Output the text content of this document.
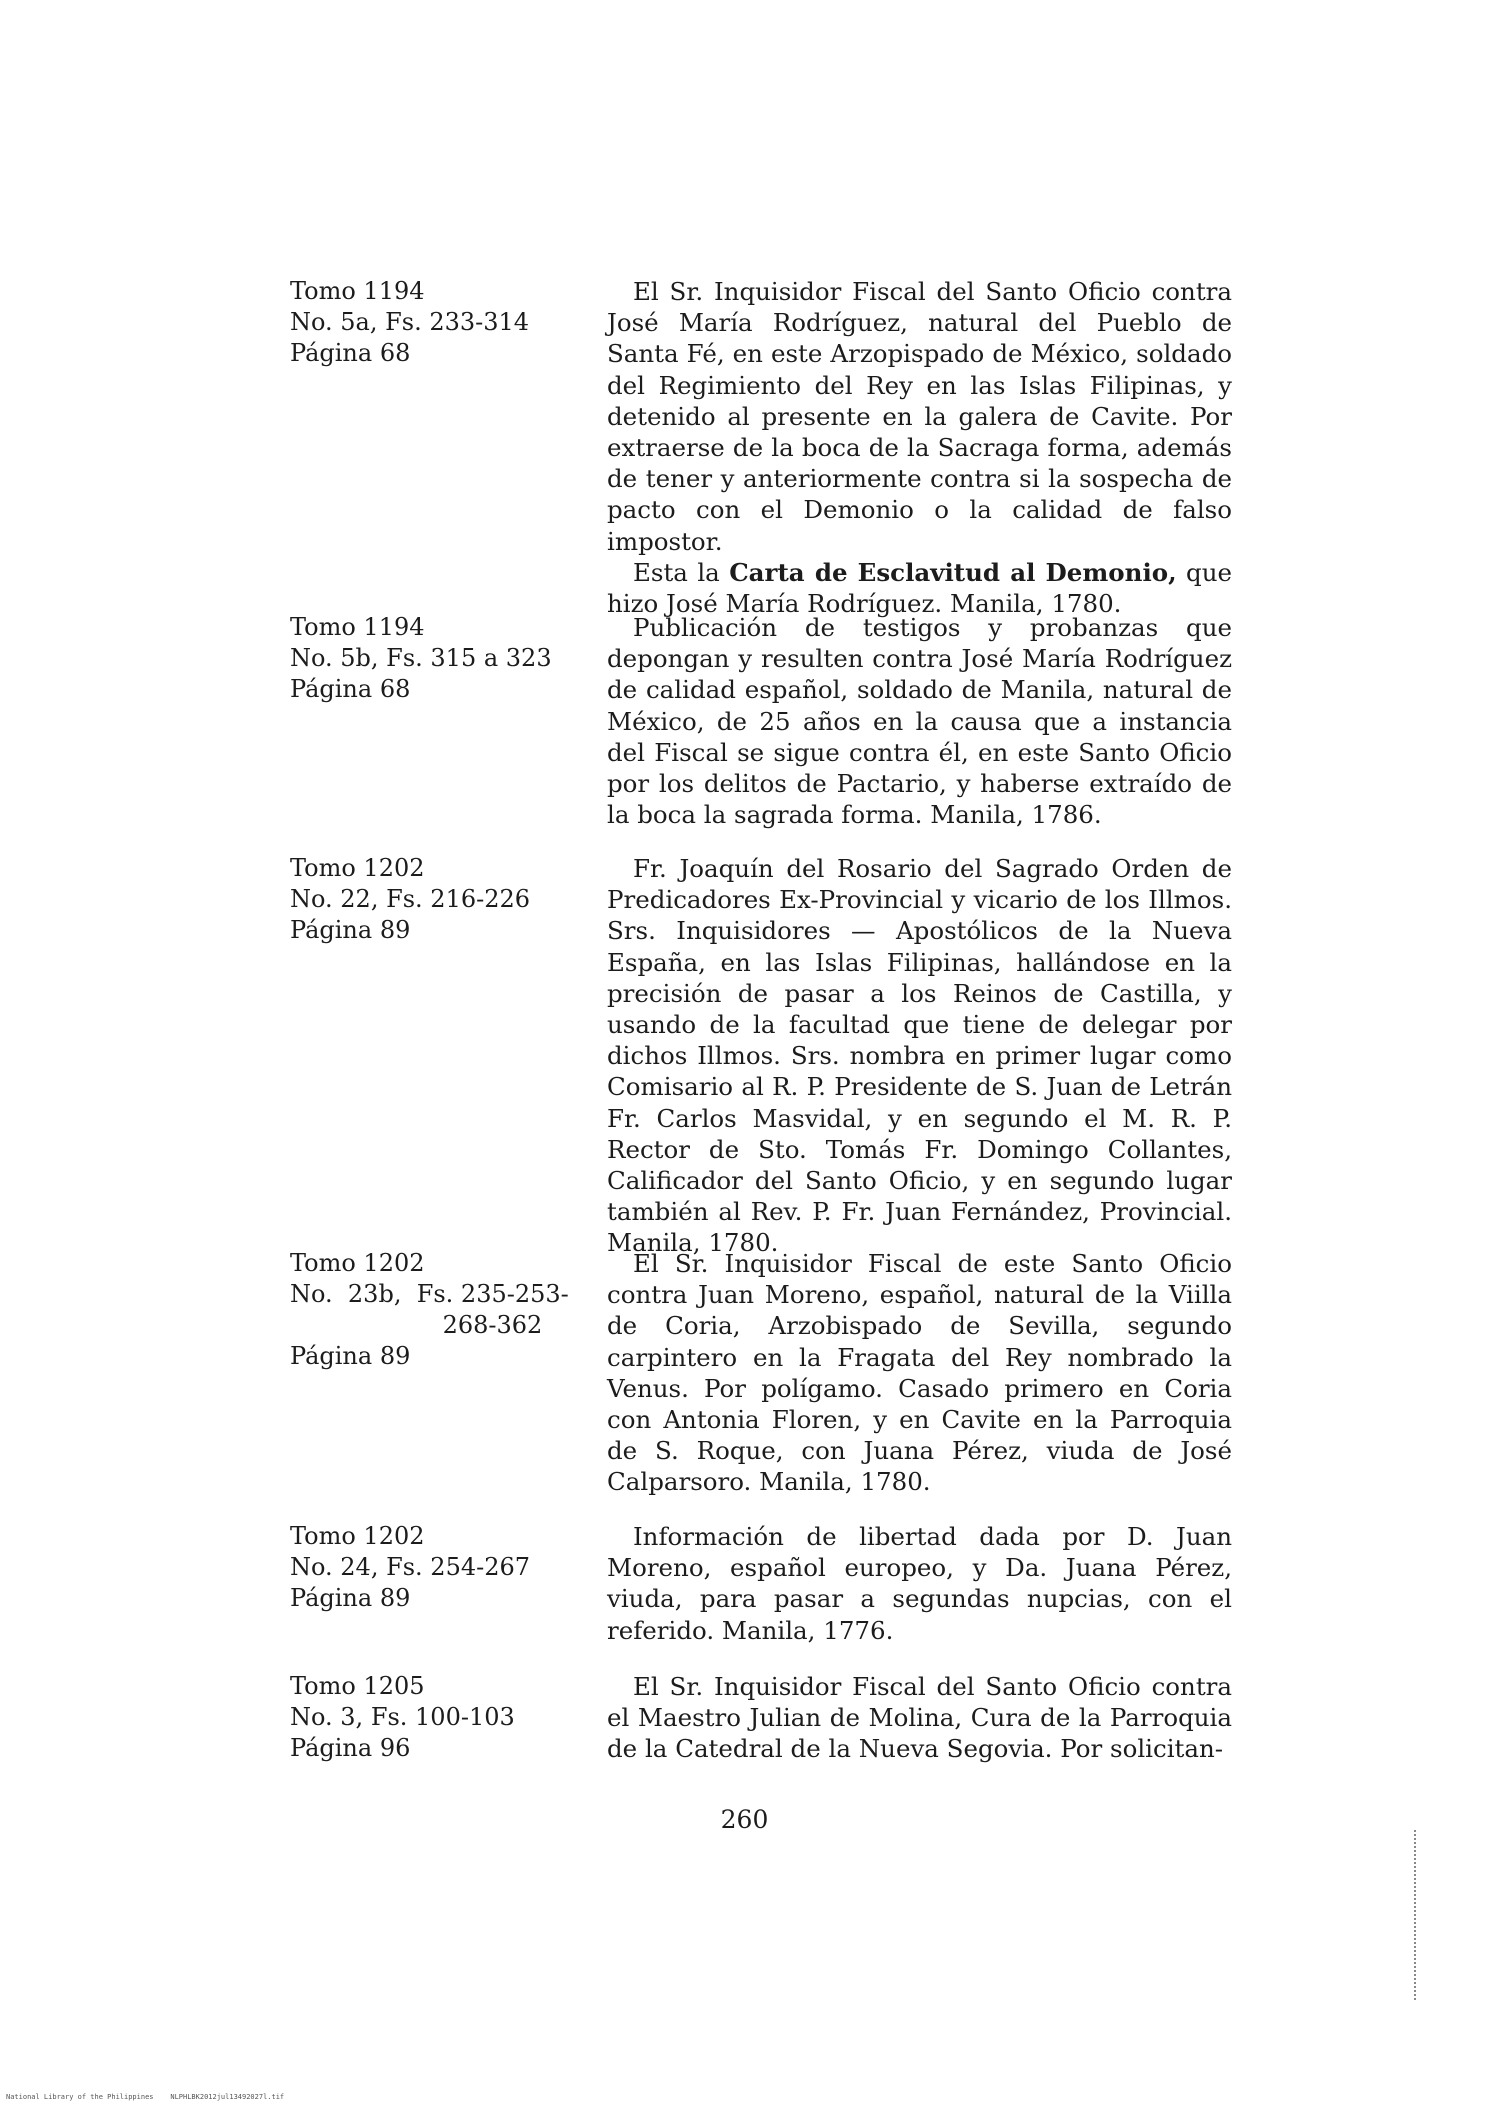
Tomo 1194
No. 5a, Fs. 233-314
Página 68

El Sr. Inquisidor Fiscal del Santo Oficio contra José María Rodríguez, natural del Pueblo de Santa Fé, en este Arzopispado de México, soldado del Regimiento del Rey en las Islas Filipinas, y detenido al presente en la galera de Cavite. Por extraerse de la boca de la Sacraga forma, además de tener y anteriormente contra si la sospecha de pacto con el Demonio o la calidad de falso impostor.

Esta la Carta de Esclavitud al Demonio, que hizo José María Rodríguez. Manila, 1780.

Tomo 1194
No. 5b, Fs. 315 a 323
Página 68

Publicación de testigos y probanzas que depongan y resulten contra José María Rodríguez de calidad español, soldado de Manila, natural de México, de 25 años en la causa que a instancia del Fiscal se sigue contra él, en este Santo Oficio por los delitos de Pactario, y haberse extraído de la boca la sagrada forma. Manila, 1786.

Tomo 1202
No. 22, Fs. 216-226
Página 89

Fr. Joaquín del Rosario del Sagrado Orden de Predicadores Ex-Provincial y vicario de los Illmos. Srs. Inquisidores — Apostólicos de la Nueva España, en las Islas Filipinas, hallándose en la precisión de pasar a los Reinos de Castilla, y usando de la facultad que tiene de delegar por dichos Illmos. Srs. nombra en primer lugar como Comisario al R. P. Presidente de S. Juan de Letrán Fr. Carlos Masvidal, y en segundo el M. R. P. Rector de Sto. Tomás Fr. Domingo Collantes, Calificador del Santo Oficio, y en segundo lugar también al Rev. P. Fr. Juan Fernández, Provincial. Manila, 1780.

Tomo 1202
No.  23b,  Fs. 235-253-
268-362
Página 89

El Sr. Inquisidor Fiscal de este Santo Oficio contra Juan Moreno, español, natural de la Viilla de Coria, Arzobispado de Sevilla, segundo carpintero en la Fragata del Rey nombrado la Venus. Por polígamo. Casado primero en Coria con Antonia Floren, y en Cavite en la Parroquia de S. Roque, con Juana Pérez, viuda de José Calparsoro. Manila, 1780.

Tomo 1202
No. 24, Fs. 254-267
Página 89

Información de libertad dada por D. Juan Moreno, español europeo, y Da. Juana Pérez, viuda, para pasar a segundas nupcias, con el referido. Manila, 1776.

Tomo 1205
No. 3, Fs. 100-103
Página 96

El Sr. Inquisidor Fiscal del Santo Oficio contra el Maestro Julian de Molina, Cura de la Parroquia de la Catedral de la Nueva Segovia. Por solicitan-

260
National Library of the Philippines    NLPHLBK2012jul13492027l.tif
